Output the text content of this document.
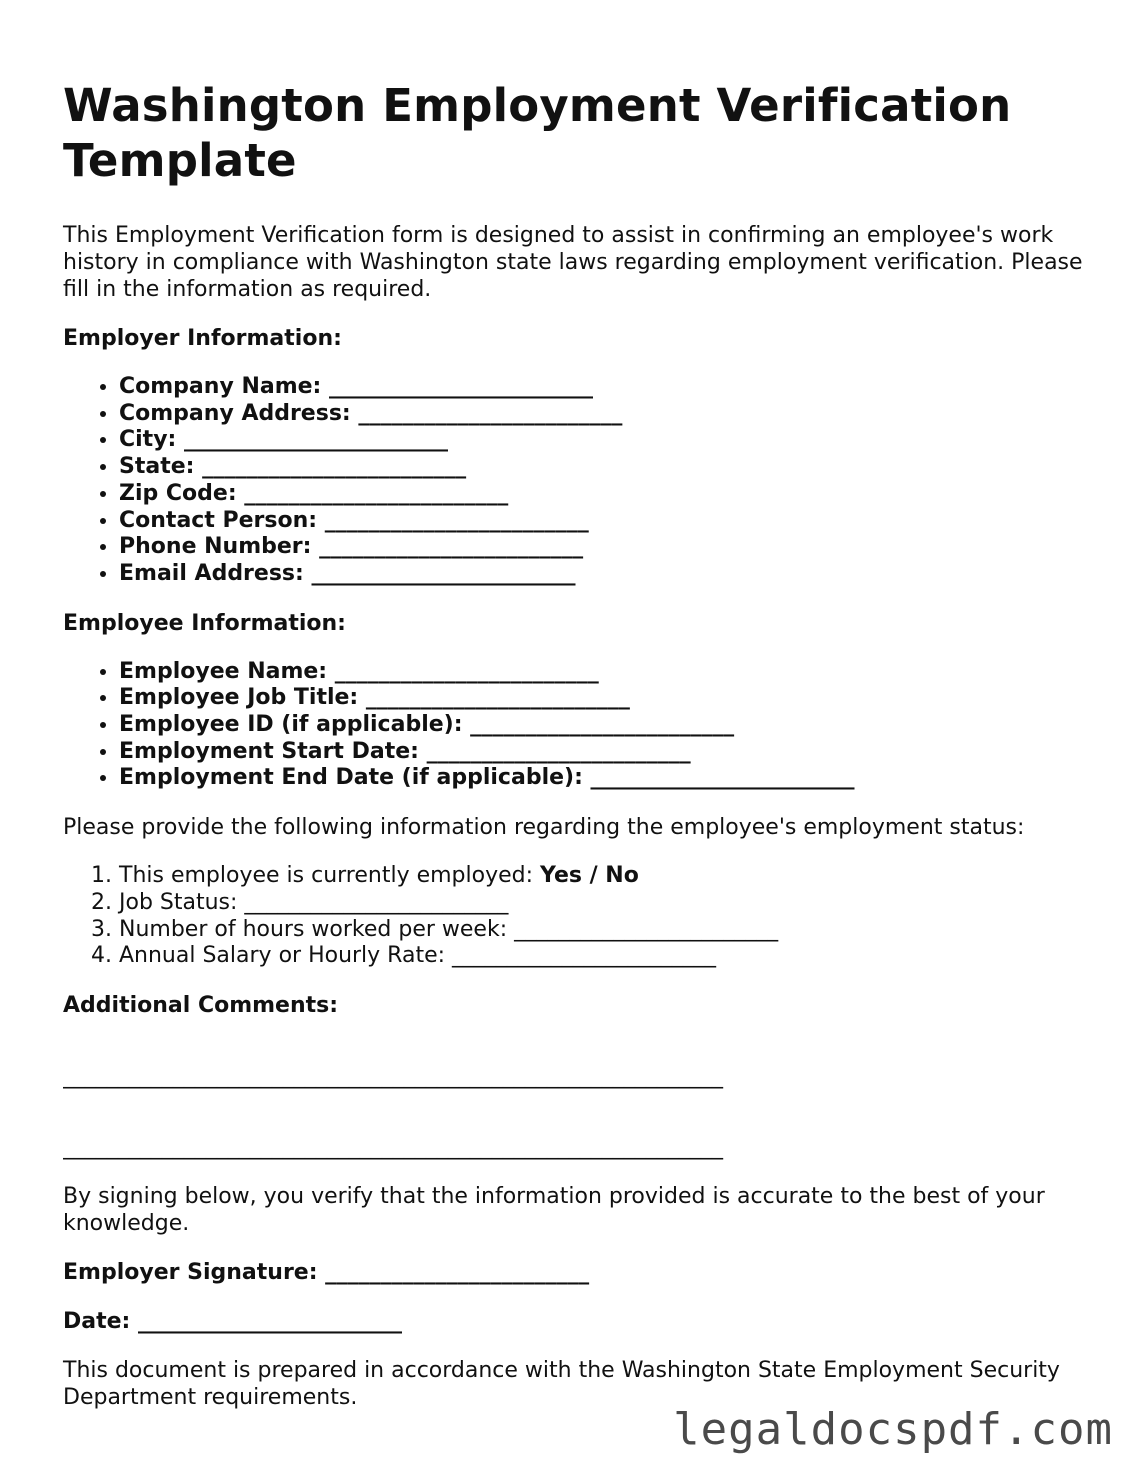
Washington Employment Verification Template

This Employment Verification form is designed to assist in confirming an employee's work history in compliance with Washington state laws regarding employment verification. Please fill in the information as required.

Employer Information:
• Company Name: ________________________
• Company Address: ________________________
• City: ________________________
• State: ________________________
• Zip Code: ________________________
• Contact Person: ________________________
• Phone Number: ________________________
• Email Address: ________________________
Employee Information:
• Employee Name: ________________________
• Employee Job Title: ________________________
• Employee ID (if applicable): ________________________
• Employment Start Date: ________________________
• Employment End Date (if applicable): ________________________

Please provide the following information regarding the employee's employment status:

1. This employee is currently employed: Yes / No
2. Job Status: ________________________
3. Number of hours worked per week: ________________________
4. Annual Salary or Hourly Rate: ________________________
Additional Comments:
____________________________________________________________
____________________________________________________________

By signing below, you verify that the information provided is accurate to the best of your knowledge.

Employer Signature: ________________________
Date: ________________________

This document is prepared in accordance with the Washington State Employment Security Department requirements.

legaldocspdf.com
